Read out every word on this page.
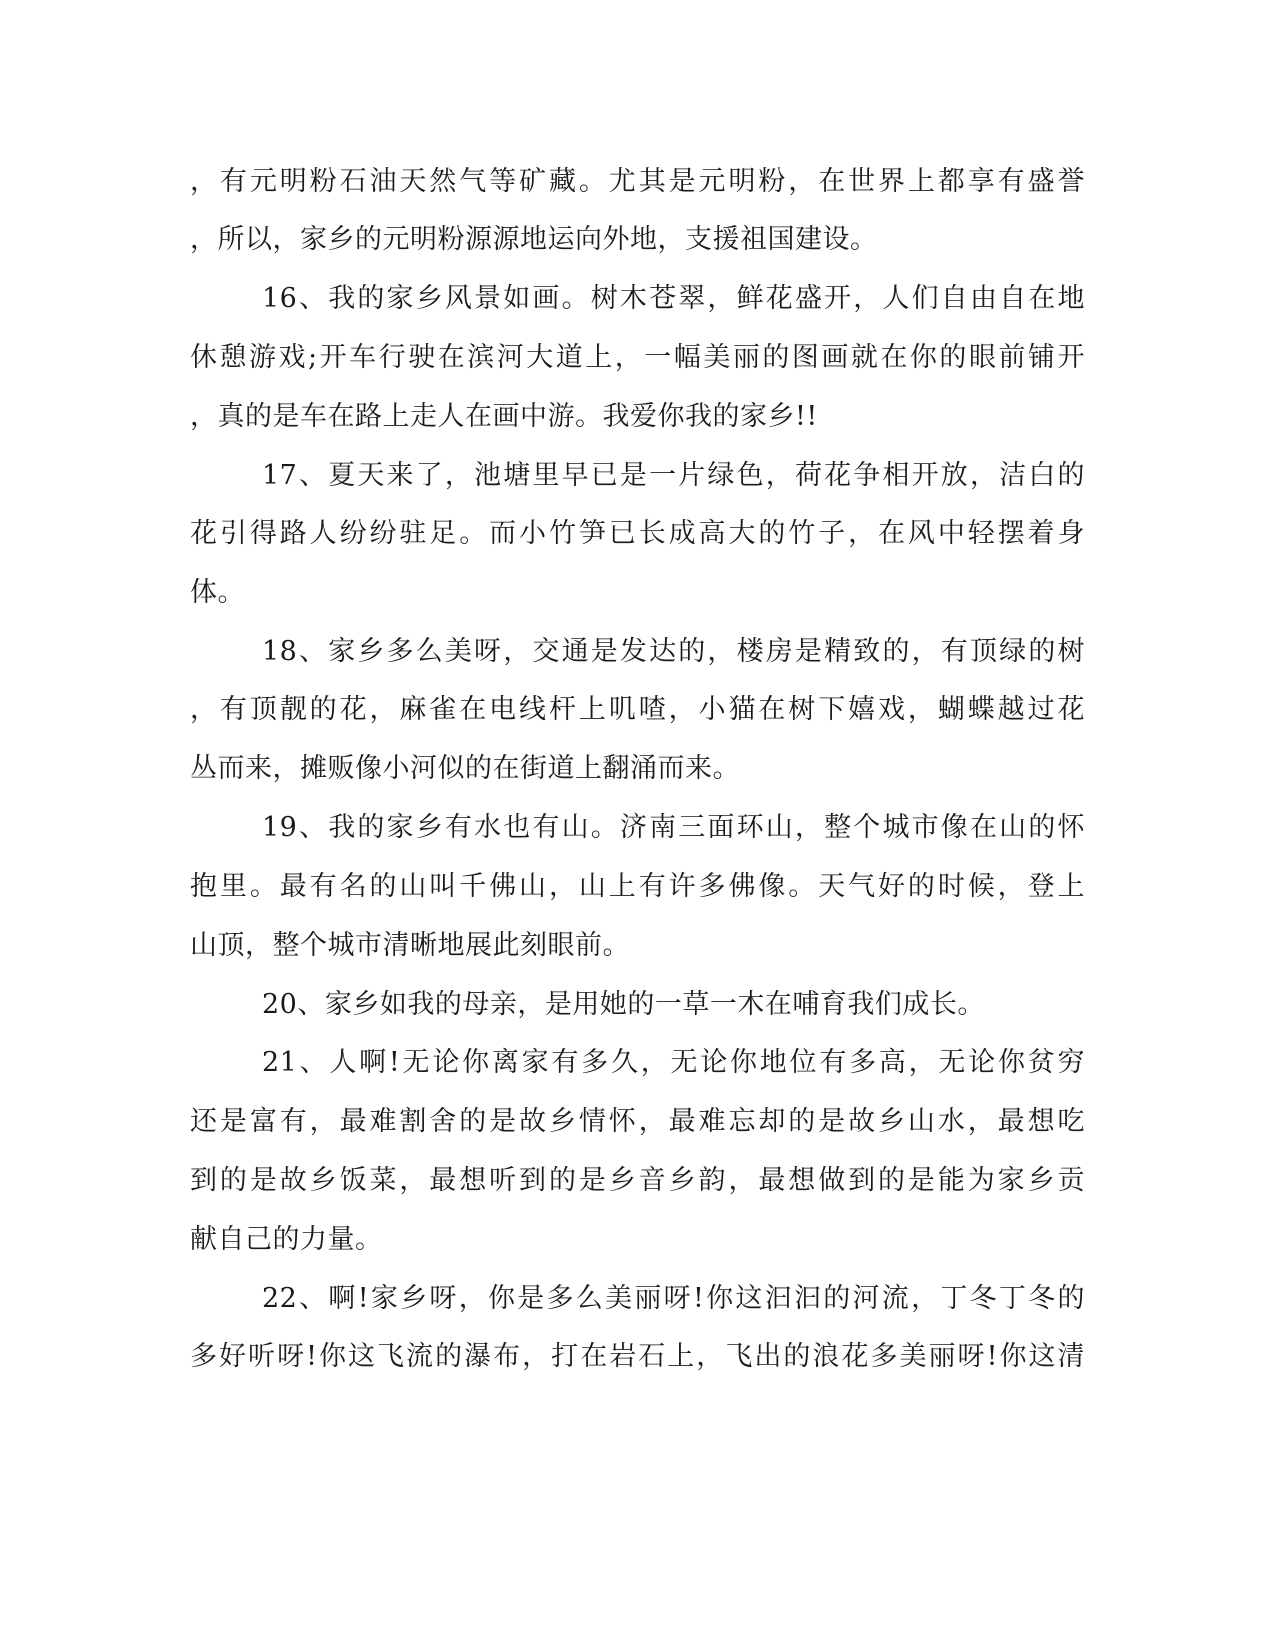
，有元明粉石油天然气等矿藏。尤其是元明粉，在世界上都享有盛誉

，所以，家乡的元明粉源源地运向外地，支援祖国建设。

16、我的家乡风景如画。树木苍翠，鲜花盛开，人们自由自在地

休憩游戏;开车行驶在滨河大道上，一幅美丽的图画就在你的眼前铺开

，真的是车在路上走人在画中游。我爱你我的家乡!!

17、夏天来了，池塘里早已是一片绿色，荷花争相开放，洁白的

花引得路人纷纷驻足。而小竹笋已长成高大的竹子，在风中轻摆着身

体。

18、家乡多么美呀，交通是发达的，楼房是精致的，有顶绿的树

，有顶靓的花，麻雀在电线杆上叽喳，小猫在树下嬉戏，蝴蝶越过花

丛而来，摊贩像小河似的在街道上翻涌而来。

19、我的家乡有水也有山。济南三面环山，整个城市像在山的怀

抱里。最有名的山叫千佛山，山上有许多佛像。天气好的时候，登上

山顶，整个城市清晰地展此刻眼前。

20、家乡如我的母亲，是用她的一草一木在哺育我们成长。

21、人啊!无论你离家有多久，无论你地位有多高，无论你贫穷

还是富有，最难割舍的是故乡情怀，最难忘却的是故乡山水，最想吃

到的是故乡饭菜，最想听到的是乡音乡韵，最想做到的是能为家乡贡

献自己的力量。

22、啊!家乡呀，你是多么美丽呀!你这汩汩的河流，丁冬丁冬的

多好听呀!你这飞流的瀑布，打在岩石上，飞出的浪花多美丽呀!你这清
